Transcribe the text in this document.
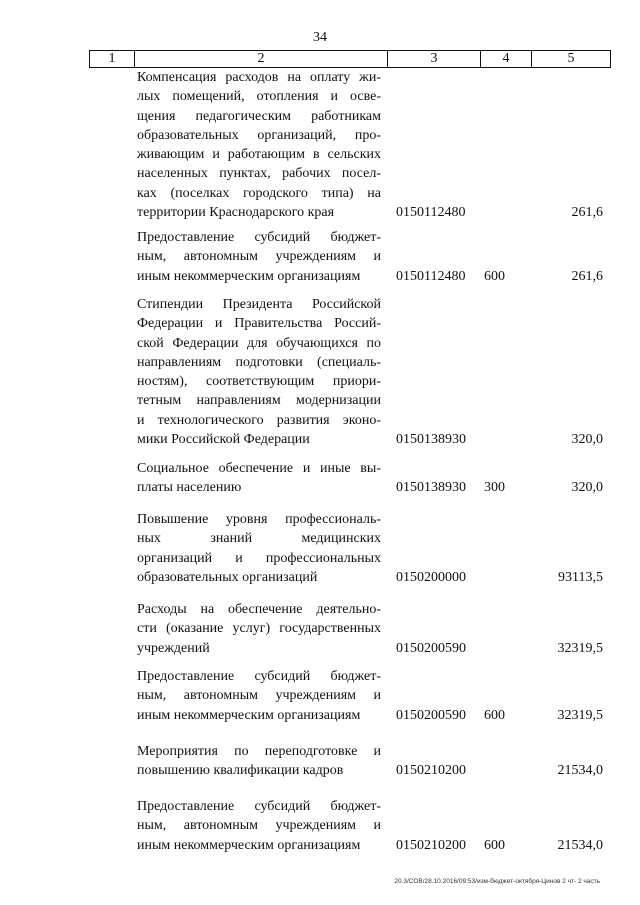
34
1	2	3	4	5
Компенсация расходов на оплату жи-
лых помещений, отопления и осве-
щения педагогическим работникам
образовательных организаций, про-
живающим и работающим в сельских
населенных пунктах, рабочих посел-
ках (поселках городского типа) на
территории Краснодарского края	0150112480	261,6
Предоставление субсидий бюджет-
ным, автономным учреждениям и
иным некоммерческим организациям	0150112480 600	261,6
Стипендии Президента Российской
Федерации и Правительства Россий-
ской Федерации для обучающихся по
направлениям подготовки (специаль-
ностям), соответствующим приори-
тетным направлениям модернизации
и технологического развития эконо-
мики Российской Федерации	0150138930	320,0
Социальное обеспечение и иные вы-
платы населению	0150138930 300	320,0
Повышение уровня профессиональ-
ных знаний медицинских
организаций и профессиональных
образовательных организаций	0150200000	93113,5
Расходы на обеспечение деятельно-
сти (оказание услуг) государственных
учреждений	0150200590	32319,5
Предоставление субсидий бюджет-
ным, автономным учреждениям и
иным некоммерческим организациям	0150200590 600	32319,5
Мероприятия по переподготовке и
повышению квалификации кадров	0150210200	21534,0
Предоставление субсидий бюджет-
ным, автономным учреждениям и
иным некоммерческим организациям	0150210200 600	21534,0
20.3/СОВ/28.10.2016/09:53/изм-бюджет-октября-Цинов 2 чт- 2 часть
